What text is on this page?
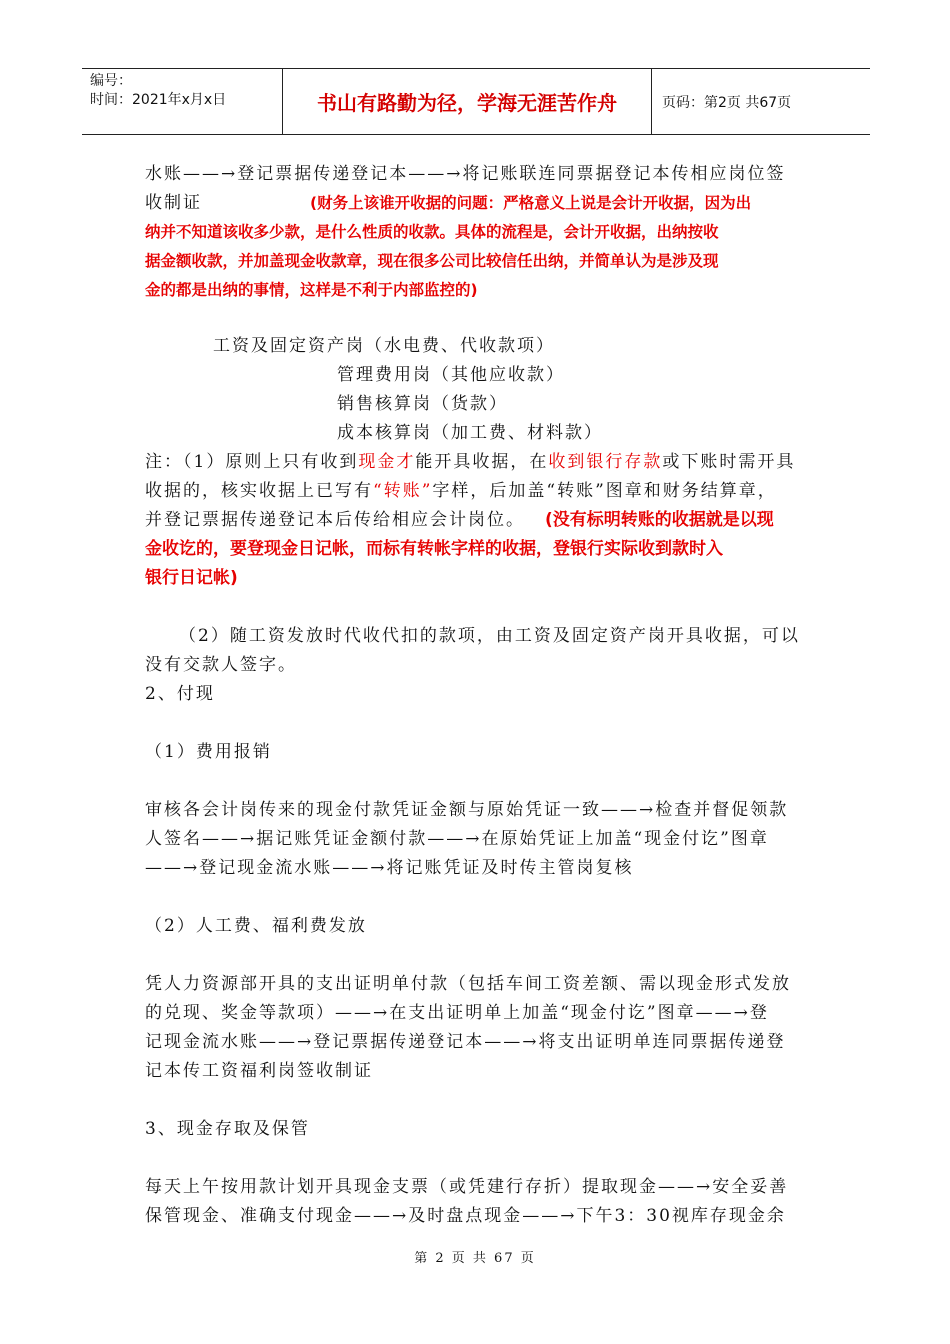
编号：
时间：2021年x月x日	书山有路勤为径，学海无涯苦作舟	页码：第2页 共67页

水账——→登记票据传递登记本——→将记账联连同票据登记本传相应岗位签

收制证	(财务上该谁开收据的问题：严格意义上说是会计开收据，因为出

纳并不知道该收多少款，是什么性质的收款。具体的流程是，会计开收据，出纳按收

据金额收款，并加盖现金收款章，现在很多公司比较信任出纳，并简单认为是涉及现

金的都是出纳的事情，这样是不利于内部监控的)

工资及固定资产岗（水电费、代收款项）

管理费用岗（其他应收款）

销售核算岗（货款）

成本核算岗（加工费、材料款）

注：（1）原则上只有收到现金才能开具收据，在收到银行存款或下账时需开具

收据的，核实收据上已写有“转账”字样，后加盖“转账”图章和财务结算章，

并登记票据传递登记本后传给相应会计岗位。 (没有标明转账的收据就是以现

金收讫的，要登现金日记帐，而标有转帐字样的收据，登银行实际收到款时入

银行日记帐)

（2）随工资发放时代收代扣的款项，由工资及固定资产岗开具收据，可以

没有交款人签字。

2、付现

（1）费用报销

审核各会计岗传来的现金付款凭证金额与原始凭证一致——→检查并督促领款

人签名——→据记账凭证金额付款——→在原始凭证上加盖“现金付讫”图章

——→登记现金流水账——→将记账凭证及时传主管岗复核

（2）人工费、福利费发放

凭人力资源部开具的支出证明单付款（包括车间工资差额、需以现金形式发放

的兑现、奖金等款项）——→在支出证明单上加盖“现金付讫”图章——→登

记现金流水账——→登记票据传递登记本——→将支出证明单连同票据传递登

记本传工资福利岗签收制证

3、现金存取及保管

每天上午按用款计划开具现金支票（或凭建行存折）提取现金——→安全妥善

保管现金、准确支付现金——→及时盘点现金——→下午3：30视库存现金余

第 2 页 共 67 页
